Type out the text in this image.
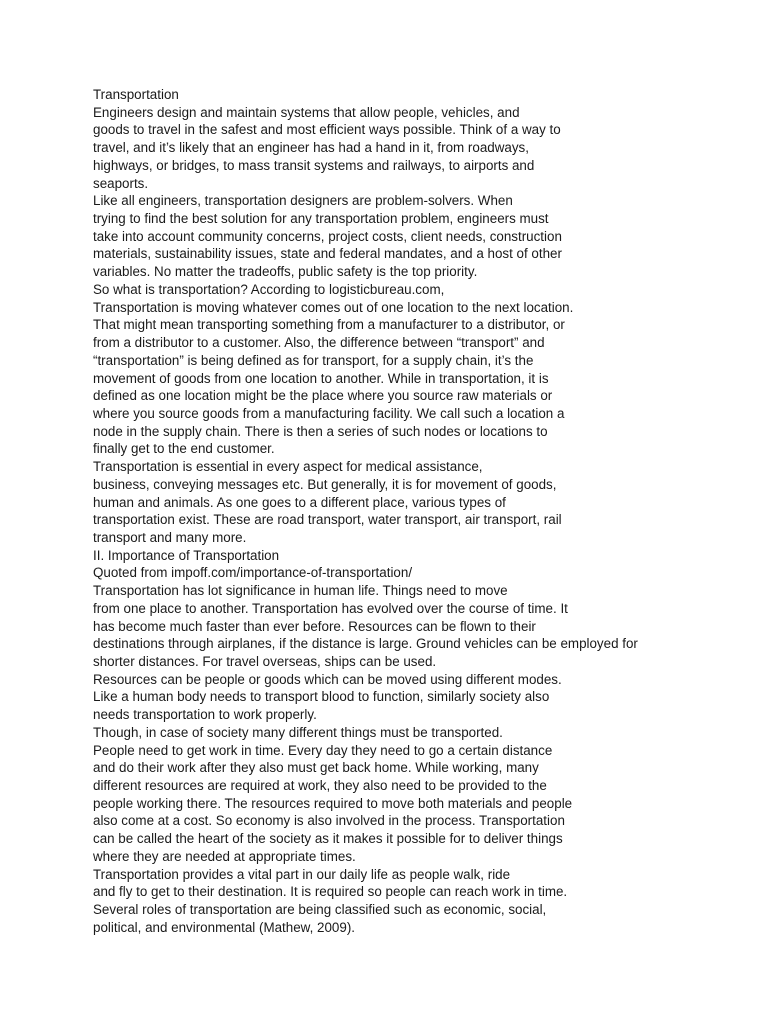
Transportation
Engineers design and maintain systems that allow people, vehicles, and
goods to travel in the safest and most efficient ways possible. Think of a way to
travel, and it’s likely that an engineer has had a hand in it, from roadways,
highways, or bridges, to mass transit systems and railways, to airports and
seaports.
Like all engineers, transportation designers are problem-solvers. When
trying to find the best solution for any transportation problem, engineers must
take into account community concerns, project costs, client needs, construction
materials, sustainability issues, state and federal mandates, and a host of other
variables. No matter the tradeoffs, public safety is the top priority.
So what is transportation? According to logisticbureau.com,
Transportation is moving whatever comes out of one location to the next location.
That might mean transporting something from a manufacturer to a distributor, or
from a distributor to a customer. Also, the difference between “transport” and
“transportation” is being defined as for transport, for a supply chain, it’s the
movement of goods from one location to another. While in transportation, it is
defined as one location might be the place where you source raw materials or
where you source goods from a manufacturing facility. We call such a location a
node in the supply chain. There is then a series of such nodes or locations to
finally get to the end customer.
Transportation is essential in every aspect for medical assistance,
business, conveying messages etc. But generally, it is for movement of goods,
human and animals. As one goes to a different place, various types of
transportation exist. These are road transport, water transport, air transport, rail
transport and many more.
II. Importance of Transportation
Quoted from impoff.com/importance-of-transportation/
Transportation has lot significance in human life. Things need to move
from one place to another. Transportation has evolved over the course of time. It
has become much faster than ever before. Resources can be flown to their
destinations through airplanes, if the distance is large. Ground vehicles can be employed for
shorter distances. For travel overseas, ships can be used.
Resources can be people or goods which can be moved using different modes.
Like a human body needs to transport blood to function, similarly society also
needs transportation to work properly.
Though, in case of society many different things must be transported.
People need to get work in time. Every day they need to go a certain distance
and do their work after they also must get back home. While working, many
different resources are required at work, they also need to be provided to the
people working there. The resources required to move both materials and people
also come at a cost. So economy is also involved in the process. Transportation
can be called the heart of the society as it makes it possible for to deliver things
where they are needed at appropriate times.
Transportation provides a vital part in our daily life as people walk, ride
and fly to get to their destination. It is required so people can reach work in time.
Several roles of transportation are being classified such as economic, social,
political, and environmental (Mathew, 2009).
